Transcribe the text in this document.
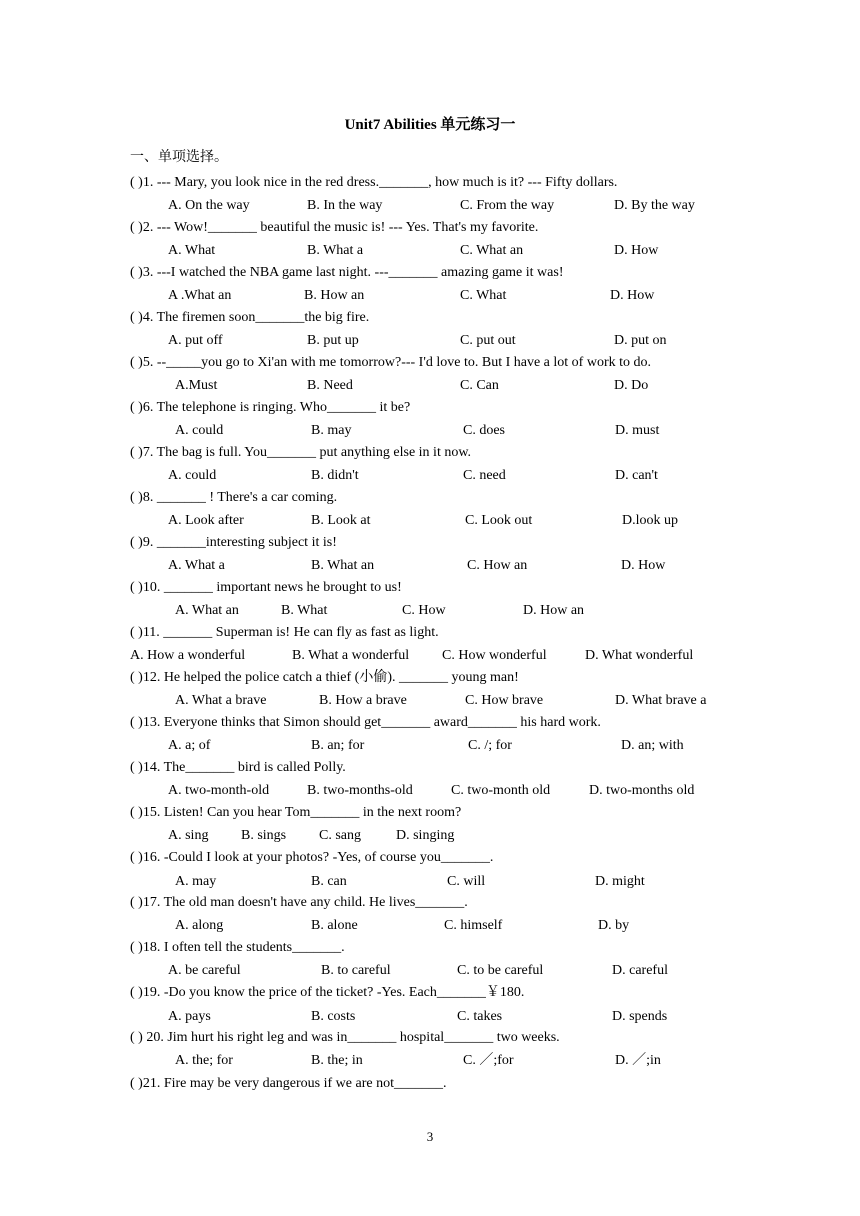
Unit7 Abilities 单元练习一
一、单项选择。
( )1. --- Mary, you look nice in the red dress._______, how much is it? --- Fifty dollars.
A. On the way	B. In the way	C. From the way	D. By the way
( )2. --- Wow!_______ beautiful the music is! --- Yes. That's my favorite.
A. What	B. What a	C. What an	D. How
( )3. ---I watched the NBA game last night. ---_______ amazing game it was!
A .What an	B. How an	C. What	D. How
( )4. The firemen soon_______the big fire.
A. put off	B. put up	C. put out	D. put on
( )5. --_____you go to Xi'an with me tomorrow?--- I'd love to. But I have a lot of work to do.
A.Must	B. Need	C. Can	D. Do
( )6. The telephone is ringing. Who_______ it be?
A. could	B. may	C. does	D. must
( )7. The bag is full. You_______ put anything else in it now.
A. could	B. didn't	C. need	D. can't
( )8. _______ ! There's a car coming.
A. Look after	B. Look at	C. Look out	D.look up
( )9. _______interesting subject it is!
A. What a	B. What an	C. How an	D. How
( )10. _______ important news he brought to us!
A. What an	B. What	C. How	D. How an
( )11. _______ Superman is! He can fly as fast as light.
A. How a wonderful	B. What a wonderful C. How wonderful	D. What wonderful
( )12. He helped the police catch a thief (小偷). _______ young man!
A. What a brave	B. How a brave	C. How brave	D. What brave a
( )13. Everyone thinks that Simon should get_______ award_______ his hard work.
A. a; of	B. an; for	C. /; for	D. an; with
( )14. The_______ bird is called Polly.
A. two-month-old	B. two-months-old	C. two-month old	D. two-months old
( )15. Listen! Can you hear Tom_______ in the next room?
A. sing B. sings C. sang	D. singing
( )16. -Could I look at your photos? -Yes, of course you_______.
A. may	B. can	C. will	D. might
( )17. The old man doesn't have any child. He lives_______.
A. along	B. alone	C. himself	D. by
( )18. I often tell the students_______.
A. be careful	B. to careful	C. to be careful	D. careful
( )19. -Do you know the price of the ticket? -Yes. Each_______￥180.
A. pays	B. costs	C. takes	D. spends
( ) 20. Jim hurt his right leg and was in_______ hospital_______ two weeks.
A. the; for	B. the; in	C. ／;for	D. ／;in
( )21. Fire may be very dangerous if we are not_______.
3
